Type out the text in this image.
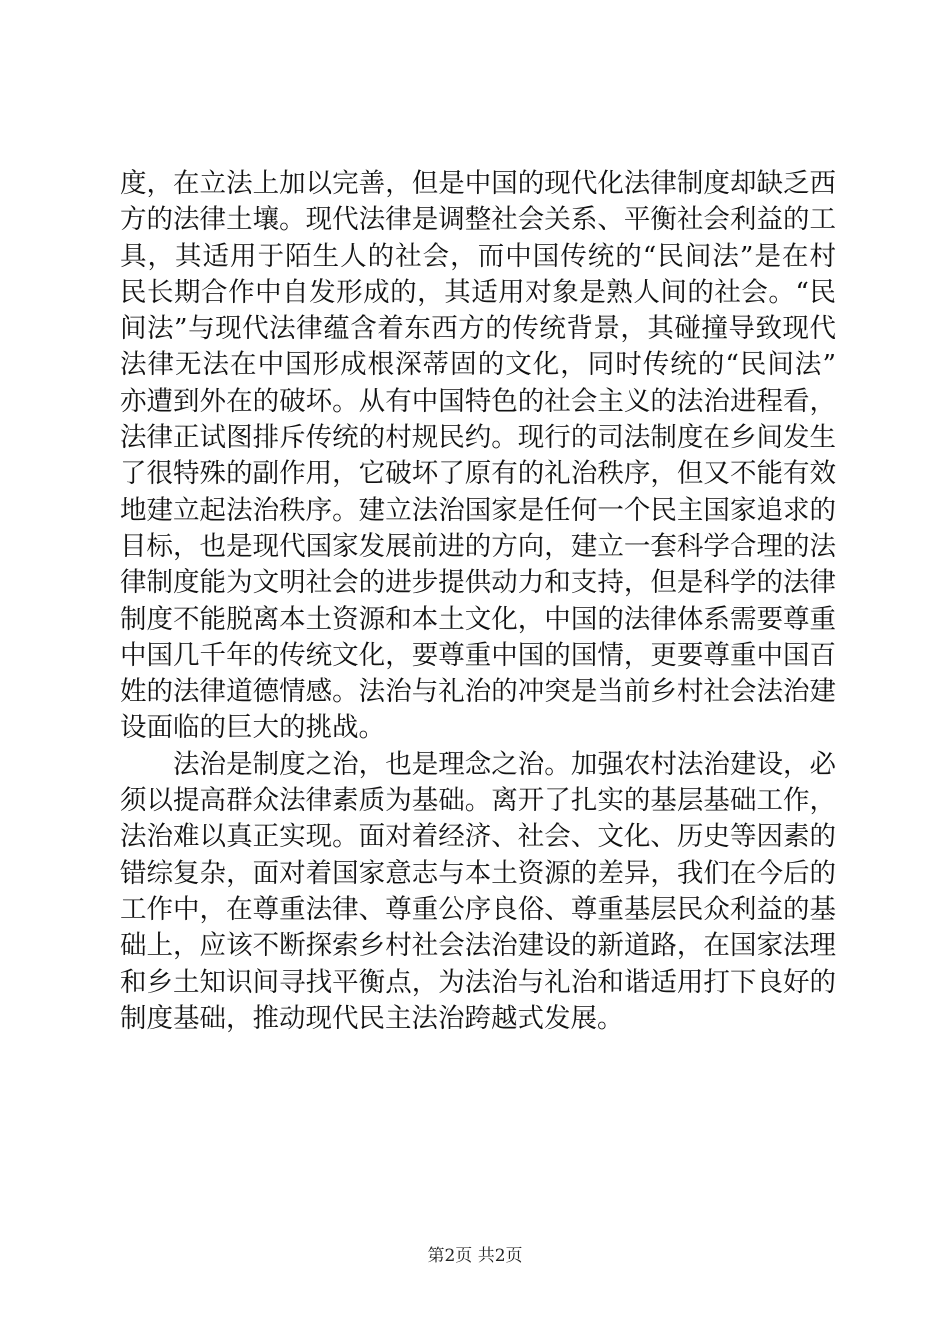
度，在立法上加以完善，但是中国的现代化法律制度却缺乏西
方的法律土壤。现代法律是调整社会关系、平衡社会利益的工
具，其适用于陌生人的社会，而中国传统的“民间法”是在村
民长期合作中自发形成的，其适用对象是熟人间的社会。“民
间法”与现代法律蕴含着东西方的传统背景，其碰撞导致现代
法律无法在中国形成根深蒂固的文化，同时传统的“民间法”
亦遭到外在的破坏。从有中国特色的社会主义的法治进程看，
法律正试图排斥传统的村规民约。现行的司法制度在乡间发生
了很特殊的副作用，它破坏了原有的礼治秩序，但又不能有效
地建立起法治秩序。建立法治国家是任何一个民主国家追求的
目标，也是现代国家发展前进的方向，建立一套科学合理的法
律制度能为文明社会的进步提供动力和支持，但是科学的法律
制度不能脱离本土资源和本土文化，中国的法律体系需要尊重
中国几千年的传统文化，要尊重中国的国情，更要尊重中国百
姓的法律道德情感。法治与礼治的冲突是当前乡村社会法治建
设面临的巨大的挑战。
　　法治是制度之治，也是理念之治。加强农村法治建设，必
须以提高群众法律素质为基础。离开了扎实的基层基础工作，
法治难以真正实现。面对着经济、社会、文化、历史等因素的
错综复杂，面对着国家意志与本土资源的差异，我们在今后的
工作中，在尊重法律、尊重公序良俗、尊重基层民众利益的基
础上，应该不断探索乡村社会法治建设的新道路，在国家法理
和乡土知识间寻找平衡点，为法治与礼治和谐适用打下良好的
制度基础，推动现代民主法治跨越式发展。
第2页 共2页
